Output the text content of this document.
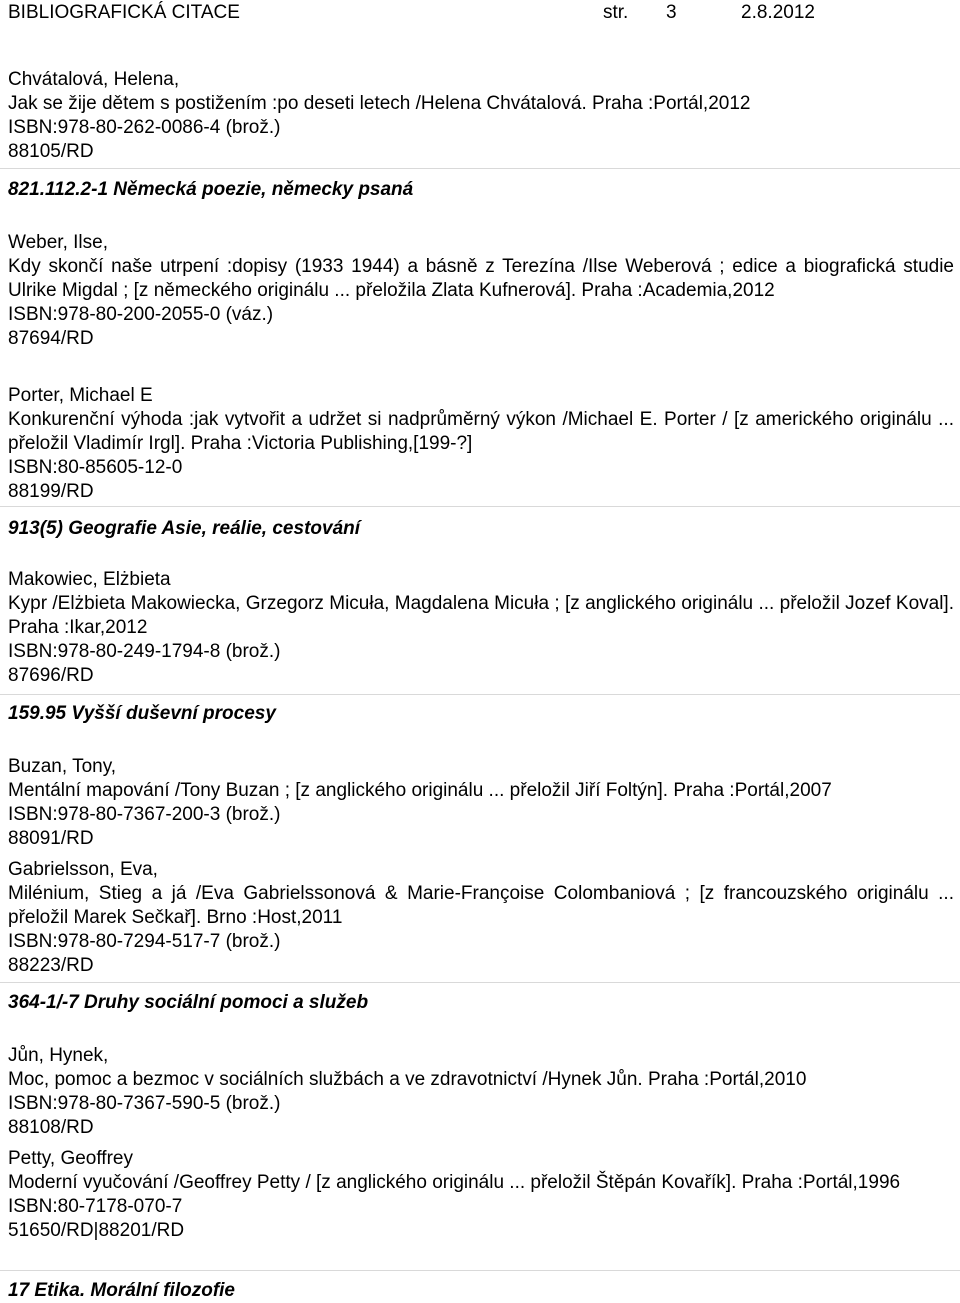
BIBLIOGRAFICKÁ CITACE	str. 3	2.8.2012
Chvátalová, Helena,
Jak se žije dětem s postižením :po deseti letech /Helena Chvátalová. Praha :Portál,2012
ISBN:978-80-262-0086-4 (brož.)
88105/RD
821.112.2-1 Německá poezie, německy psaná
Weber, Ilse,
Kdy skončí naše utrpení :dopisy (1933 1944) a básně z Terezína /Ilse Weberová ; edice a biografická studie Ulrike Migdal ; [z německého originálu ... přeložila Zlata Kufnerová]. Praha :Academia,2012
ISBN:978-80-200-2055-0 (váz.)
87694/RD
Porter, Michael E
Konkurenční výhoda :jak vytvořit a udržet si nadprůměrný výkon /Michael E. Porter / [z amerického originálu ... přeložil Vladimír Irgl]. Praha :Victoria Publishing,[199-?]
ISBN:80-85605-12-0
88199/RD
913(5) Geografie Asie, reálie, cestování
Makowiec, Elżbieta
Kypr /Elżbieta Makowiecka, Grzegorz Micuła, Magdalena Micuła ; [z anglického originálu ... přeložil Jozef Koval]. Praha :Ikar,2012
ISBN:978-80-249-1794-8 (brož.)
87696/RD
159.95 Vyšší duševní procesy
Buzan, Tony,
Mentální mapování /Tony Buzan ; [z anglického originálu ... přeložil Jiří Foltýn]. Praha :Portál,2007
ISBN:978-80-7367-200-3 (brož.)
88091/RD
Gabrielsson, Eva,
Milénium, Stieg a já /Eva Gabrielssonová & Marie-Françoise Colombaniová ; [z francouzského originálu ... přeložil Marek Sečkař]. Brno :Host,2011
ISBN:978-80-7294-517-7 (brož.)
88223/RD
364-1/-7 Druhy sociální pomoci a služeb
Jůn, Hynek,
Moc, pomoc a bezmoc v sociálních službách a ve zdravotnictví /Hynek Jůn. Praha :Portál,2010
ISBN:978-80-7367-590-5 (brož.)
88108/RD
Petty, Geoffrey
Moderní vyučování /Geoffrey Petty / [z anglického originálu ... přeložil Štěpán Kovařík]. Praha :Portál,1996
ISBN:80-7178-070-7
51650/RD|88201/RD
17 Etika. Morální filozofie
